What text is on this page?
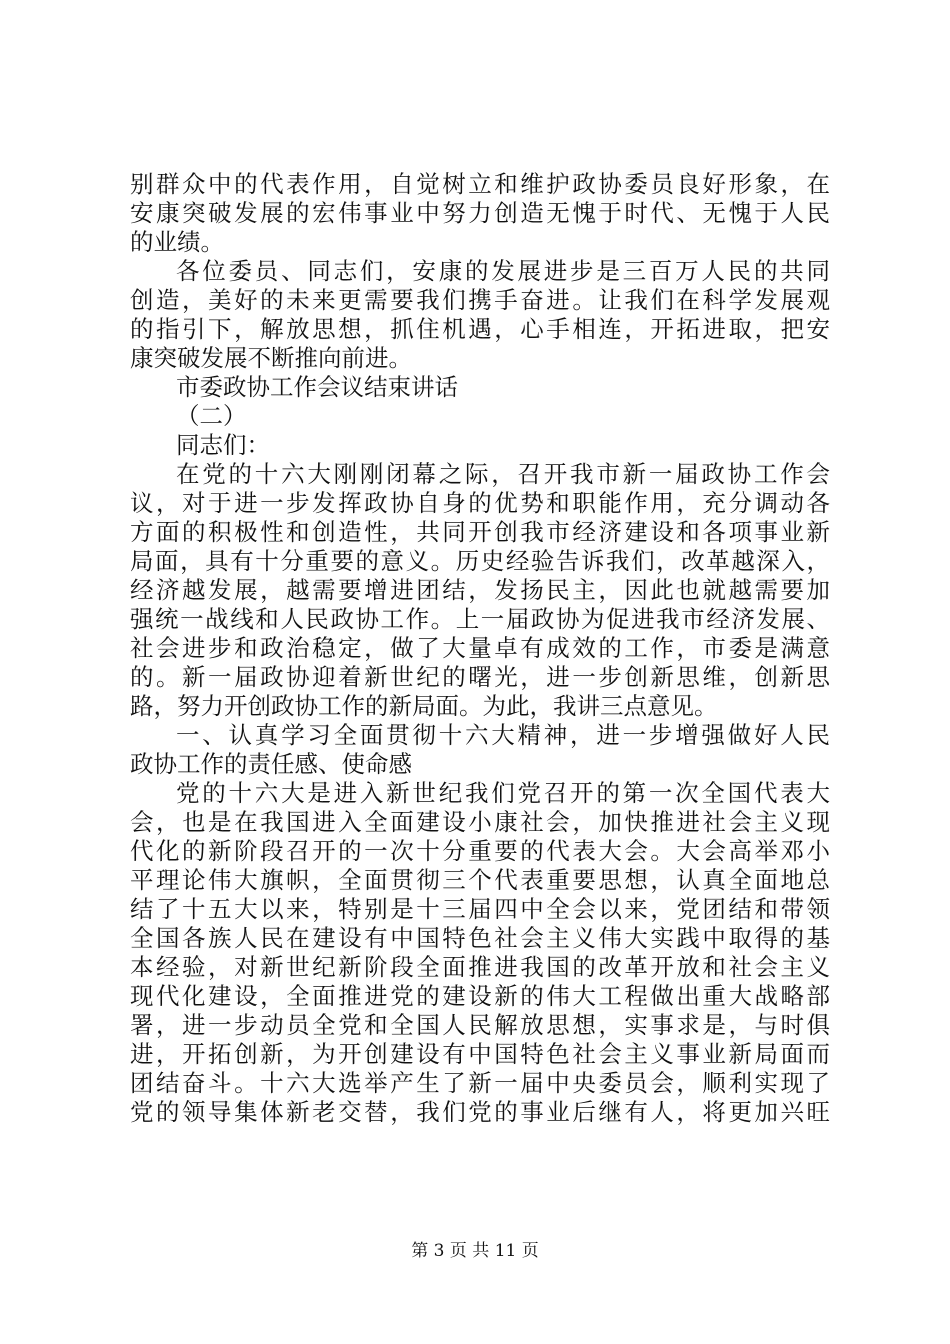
别群众中的代表作用，自觉树立和维护政协委员良好形象，在
安康突破发展的宏伟事业中努力创造无愧于时代、无愧于人民
的业绩。
各位委员、同志们，安康的发展进步是三百万人民的共同
创造，美好的未来更需要我们携手奋进。让我们在科学发展观
的指引下，解放思想，抓住机遇，心手相连，开拓进取，把安
康突破发展不断推向前进。
市委政协工作会议结束讲话
（二）
同志们：
在党的十六大刚刚闭幕之际，召开我市新一届政协工作会
议，对于进一步发挥政协自身的优势和职能作用，充分调动各
方面的积极性和创造性，共同开创我市经济建设和各项事业新
局面，具有十分重要的意义。历史经验告诉我们，改革越深入，
经济越发展，越需要增进团结，发扬民主，因此也就越需要加
强统一战线和人民政协工作。上一届政协为促进我市经济发展、
社会进步和政治稳定，做了大量卓有成效的工作，市委是满意
的。新一届政协迎着新世纪的曙光，进一步创新思维，创新思
路，努力开创政协工作的新局面。为此，我讲三点意见。
一、认真学习全面贯彻十六大精神，进一步增强做好人民
政协工作的责任感、使命感
党的十六大是进入新世纪我们党召开的第一次全国代表大
会，也是在我国进入全面建设小康社会，加快推进社会主义现
代化的新阶段召开的一次十分重要的代表大会。大会高举邓小
平理论伟大旗帜，全面贯彻三个代表重要思想，认真全面地总
结了十五大以来，特别是十三届四中全会以来，党团结和带领
全国各族人民在建设有中国特色社会主义伟大实践中取得的基
本经验，对新世纪新阶段全面推进我国的改革开放和社会主义
现代化建设，全面推进党的建设新的伟大工程做出重大战略部
署，进一步动员全党和全国人民解放思想，实事求是，与时俱
进，开拓创新，为开创建设有中国特色社会主义事业新局面而
团结奋斗。十六大选举产生了新一届中央委员会，顺利实现了
党的领导集体新老交替，我们党的事业后继有人，将更加兴旺
第 3 页 共 11 页
